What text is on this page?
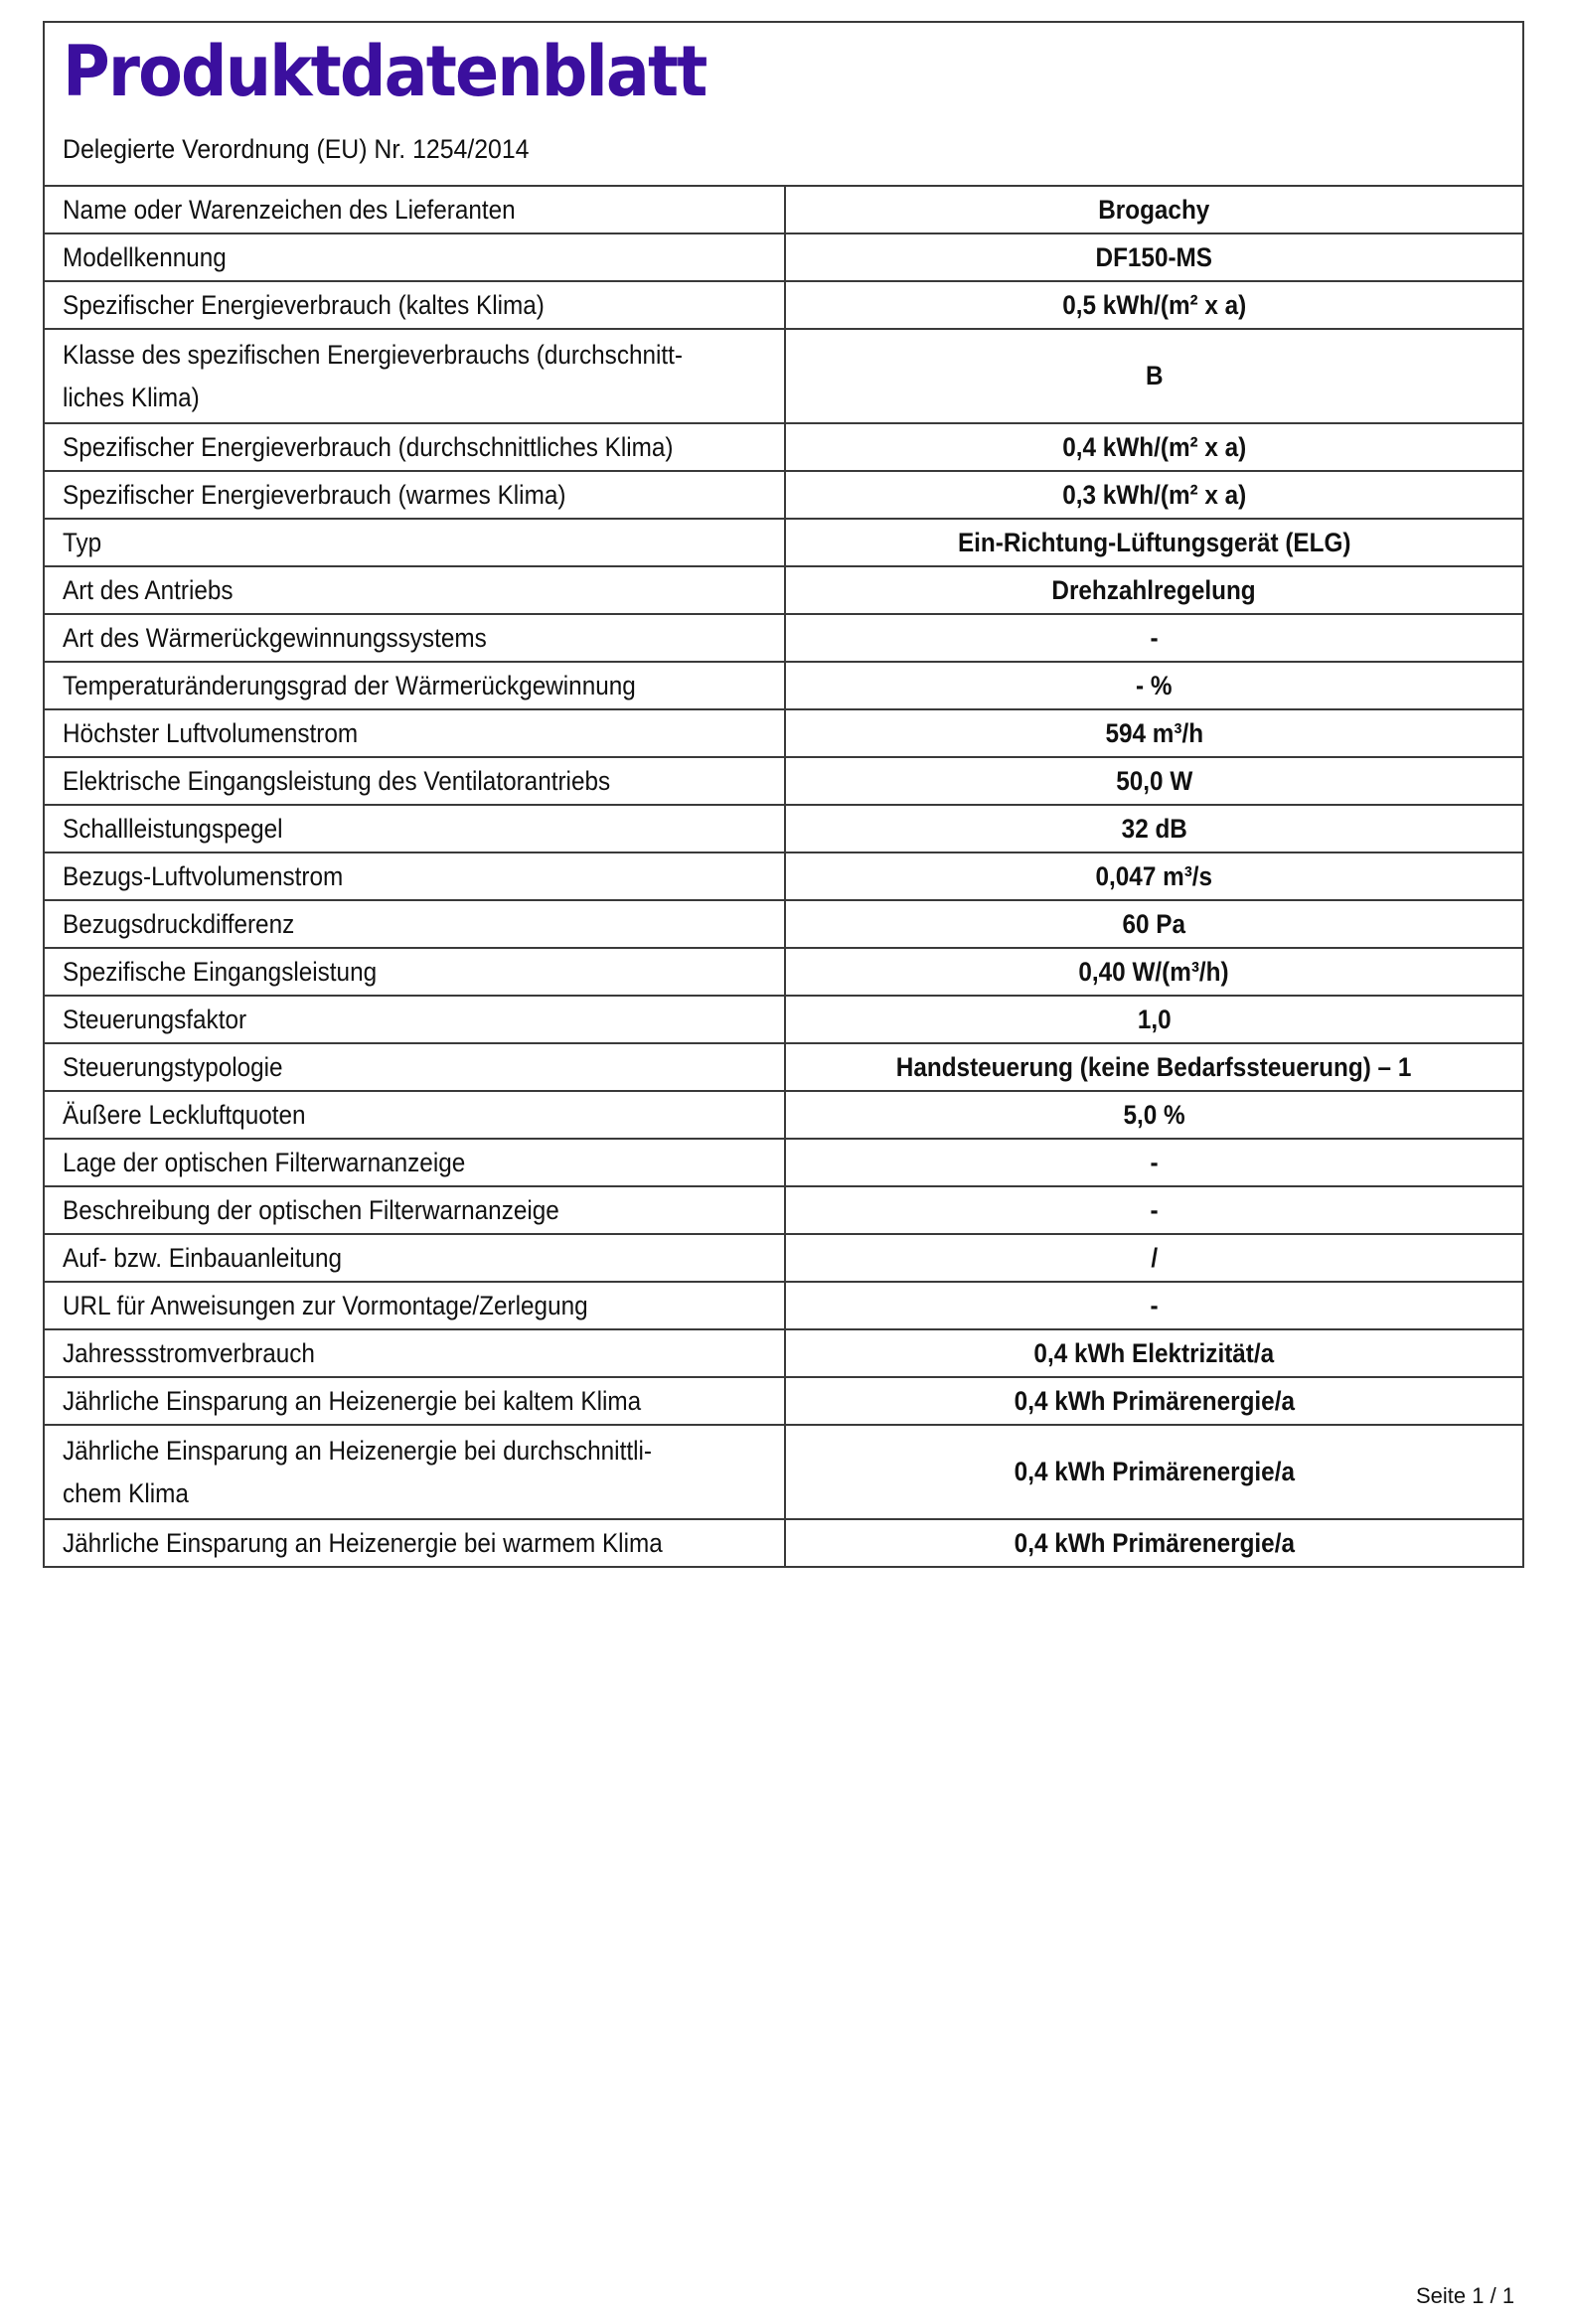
Produktdatenblatt
Delegierte Verordnung (EU) Nr. 1254/2014
Name oder Warenzeichen des Lieferanten	Brogachy
Modellkennung	DF150-MS
Spezifischer Energieverbrauch (kaltes Klima)	0,5 kWh/(m² x a)
Klasse des spezifischen Energieverbrauchs (durchschnitt-liches Klima)	B
Spezifischer Energieverbrauch (durchschnittliches Klima)	0,4 kWh/(m² x a)
Spezifischer Energieverbrauch (warmes Klima)	0,3 kWh/(m² x a)
Typ	Ein-Richtung-Lüftungsgerät (ELG)
Art des Antriebs	Drehzahlregelung
Art des Wärmerückgewinnungssystems	-
Temperaturänderungsgrad der Wärmerückgewinnung	- %
Höchster Luftvolumenstrom	594 m³/h
Elektrische Eingangsleistung des Ventilatorantriebs	50,0 W
Schallleistungspegel	32 dB
Bezugs-Luftvolumenstrom	0,047 m³/s
Bezugsdruckdifferenz	60 Pa
Spezifische Eingangsleistung	0,40 W/(m³/h)
Steuerungsfaktor	1,0
Steuerungstypologie	Handsteuerung (keine Bedarfssteuerung) – 1
Äußere Leckluftquoten	5,0 %
Lage der optischen Filterwarnanzeige	-
Beschreibung der optischen Filterwarnanzeige	-
Auf- bzw. Einbauanleitung	/
URL für Anweisungen zur Vormontage/Zerlegung	-
Jahressstromverbrauch	0,4 kWh Elektrizität/a
Jährliche Einsparung an Heizenergie bei kaltem Klima	0,4 kWh Primärenergie/a
Jährliche Einsparung an Heizenergie bei durchschnittli-chem Klima	0,4 kWh Primärenergie/a
Jährliche Einsparung an Heizenergie bei warmem Klima	0,4 kWh Primärenergie/a
Seite 1 / 1
